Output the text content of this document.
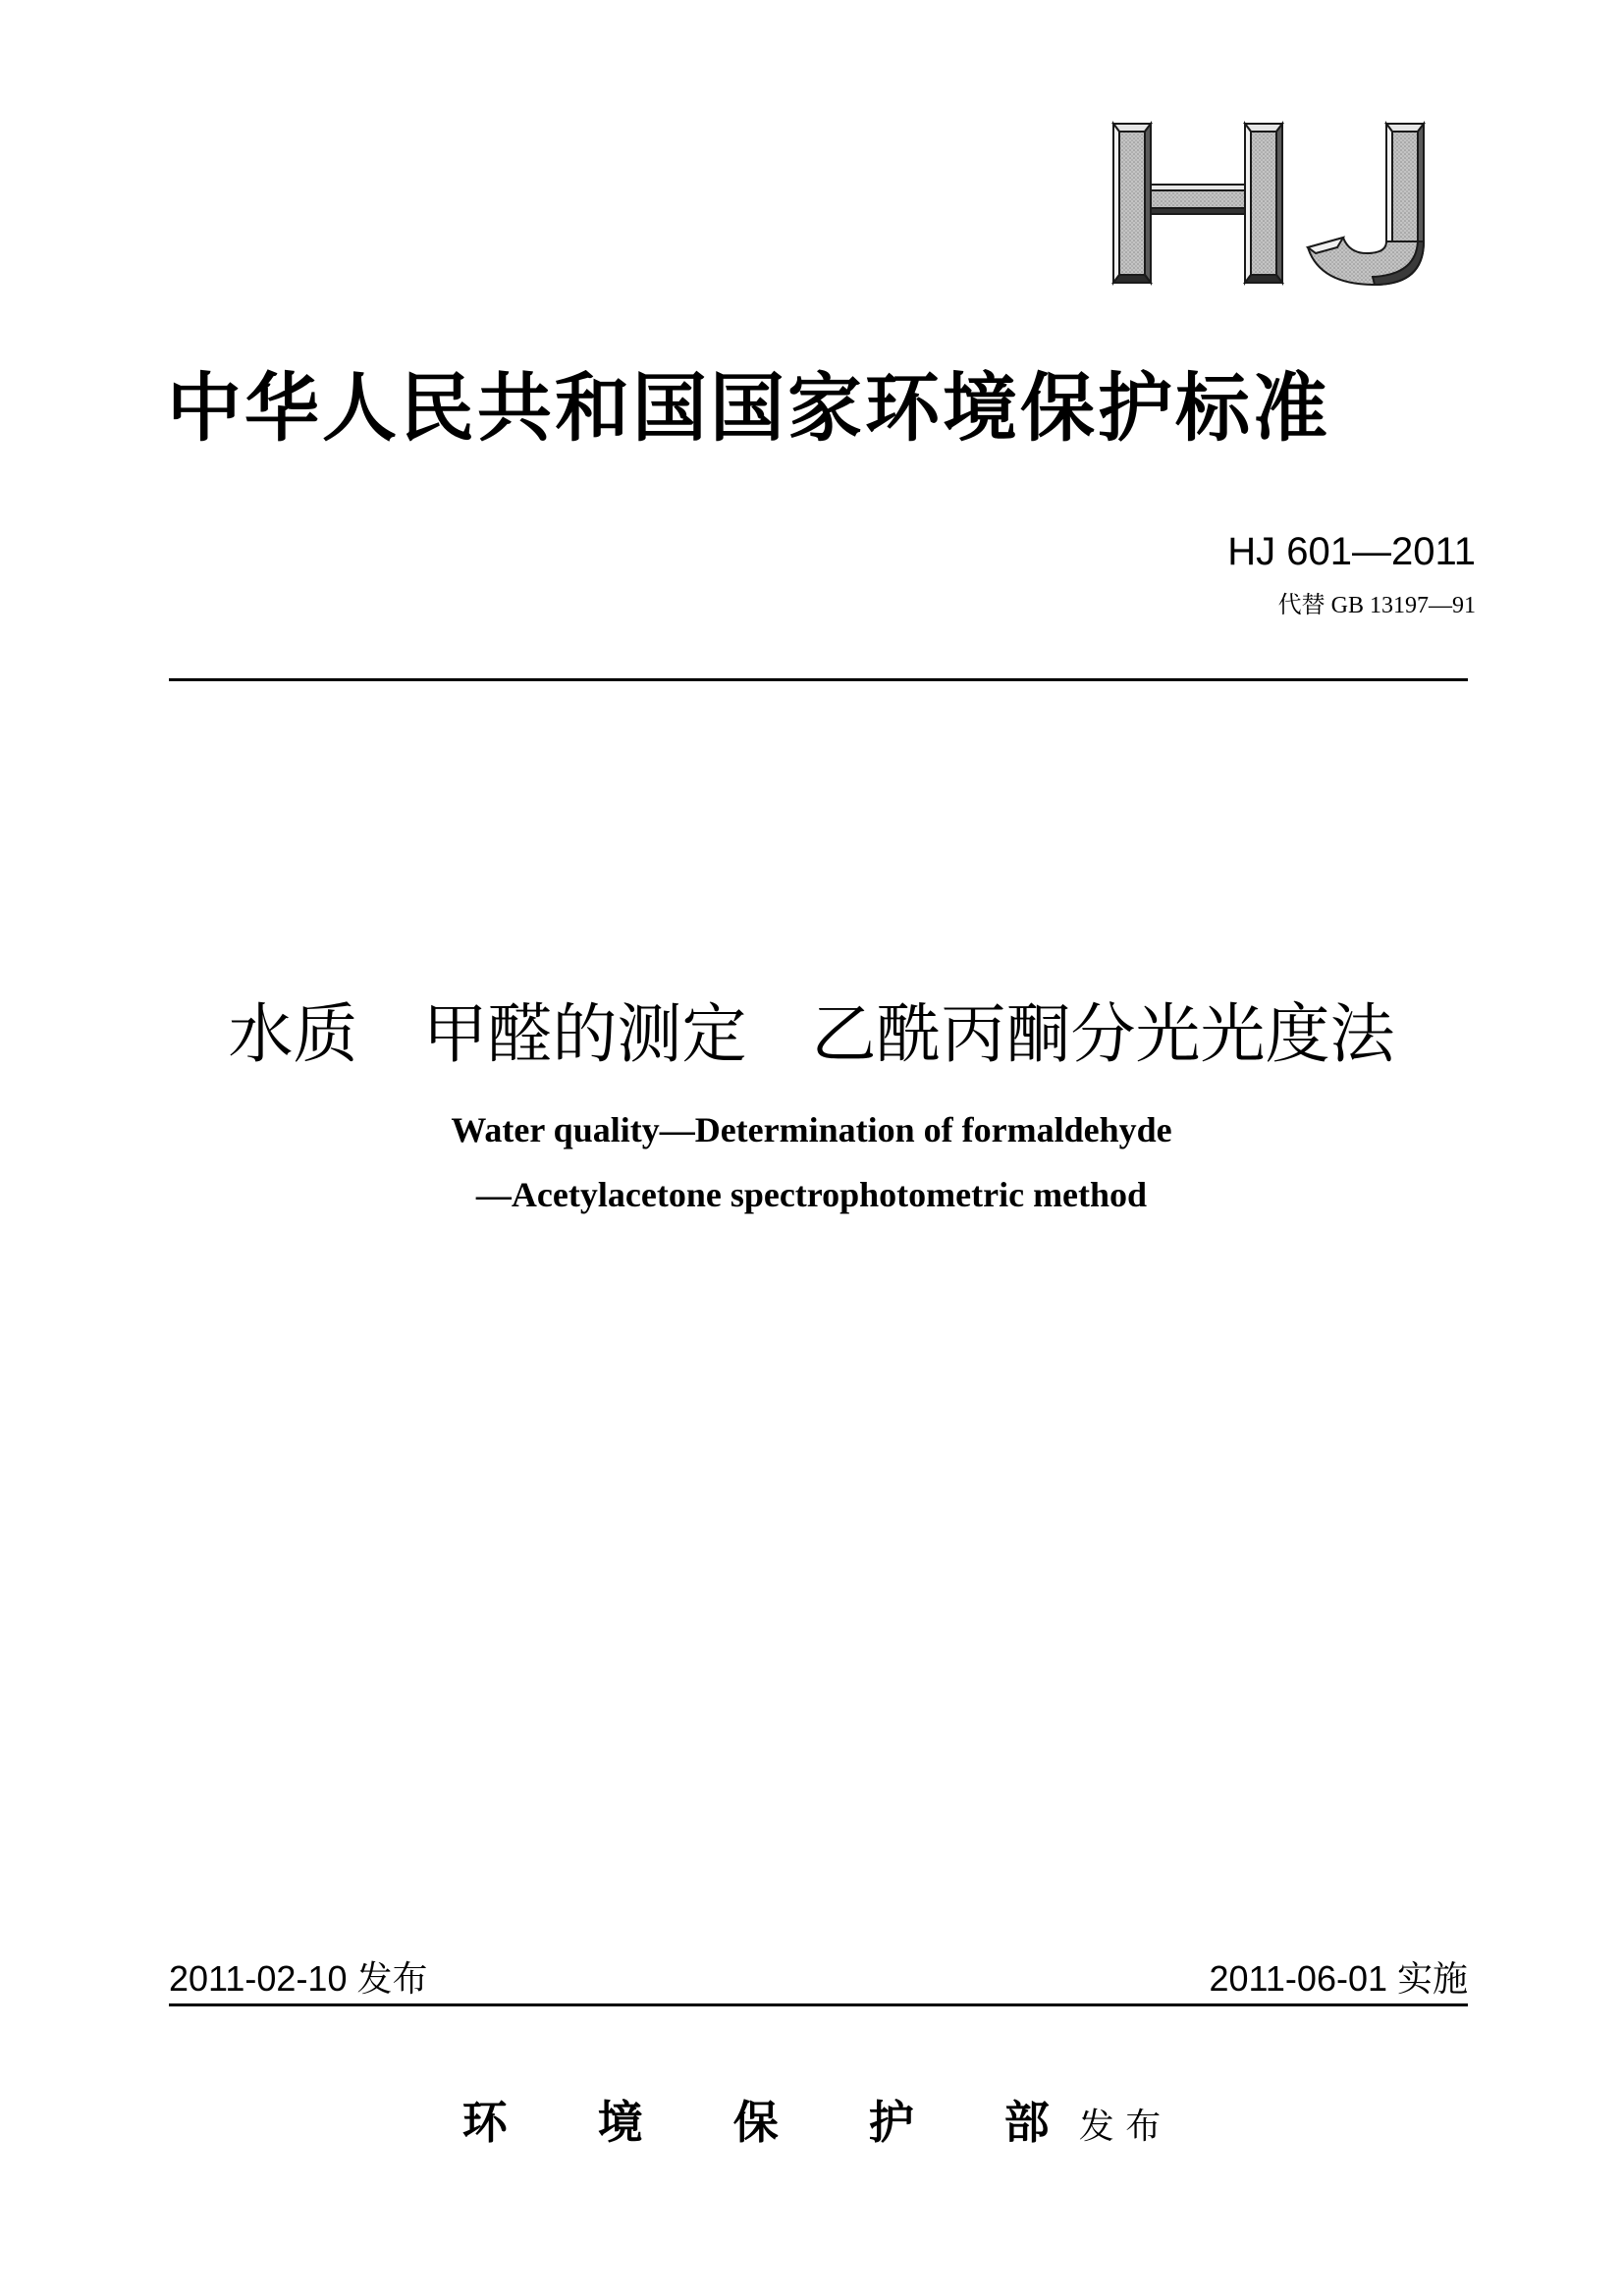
中华人民共和国国家环境保护标准
HJ 601—2011
代替 GB 13197—91
水质　甲醛的测定　乙酰丙酮分光光度法
Water quality—Determination of formaldehyde
—Acetylacetone spectrophotometric method
2011-02-10 发布	2011-06-01 实施
环　　境　　保　　护　　部 发 布
